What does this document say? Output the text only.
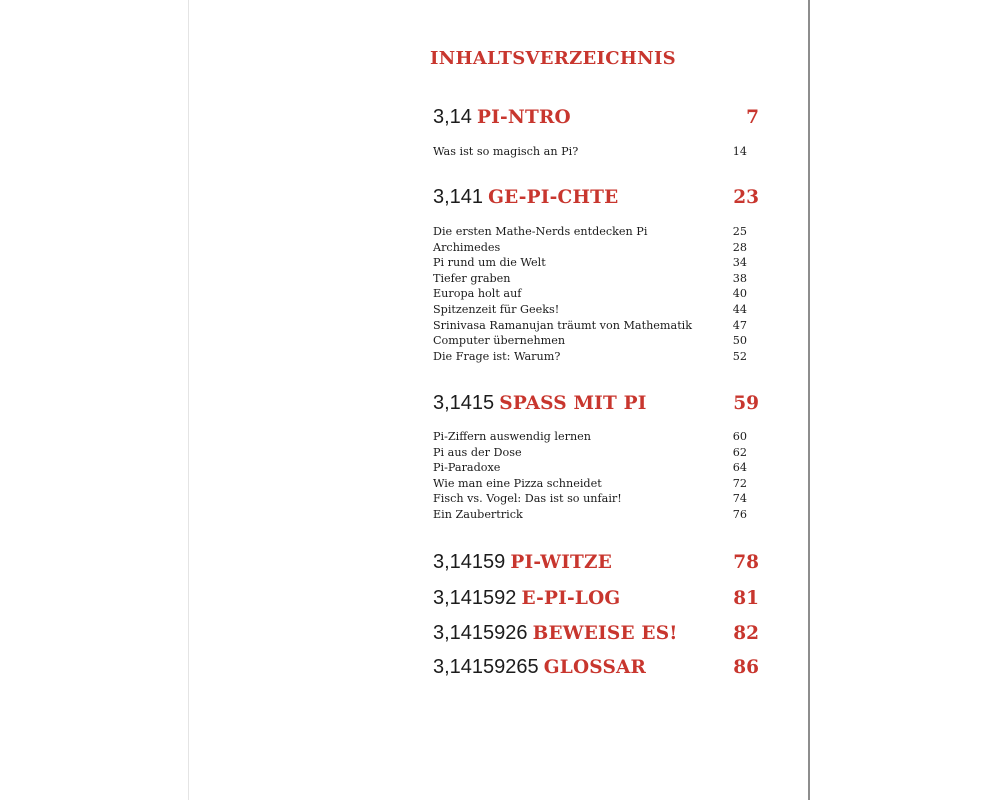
INHALTSVERZEICHNIS
3,14 PI-NTRO	7
Was ist so magisch an Pi?	14
3,141 GE-PI-CHTE	23
Die ersten Mathe-Nerds entdecken Pi	25
Archimedes	28
Pi rund um die Welt	34
Tiefer graben	38
Europa holt auf	40
Spitzenzeit für Geeks!	44
Srinivasa Ramanujan träumt von Mathematik	47
Computer übernehmen	50
Die Frage ist: Warum?	52
3,1415 SPASS MIT PI	59
Pi-Ziffern auswendig lernen	60
Pi aus der Dose	62
Pi-Paradoxe	64
Wie man eine Pizza schneidet	72
Fisch vs. Vogel: Das ist so unfair!	74
Ein Zaubertrick	76
3,14159 PI-WITZE	78
3,141592 E-PI-LOG	81
3,1415926 BEWEISE ES!	82
3,14159265 GLOSSAR	86
